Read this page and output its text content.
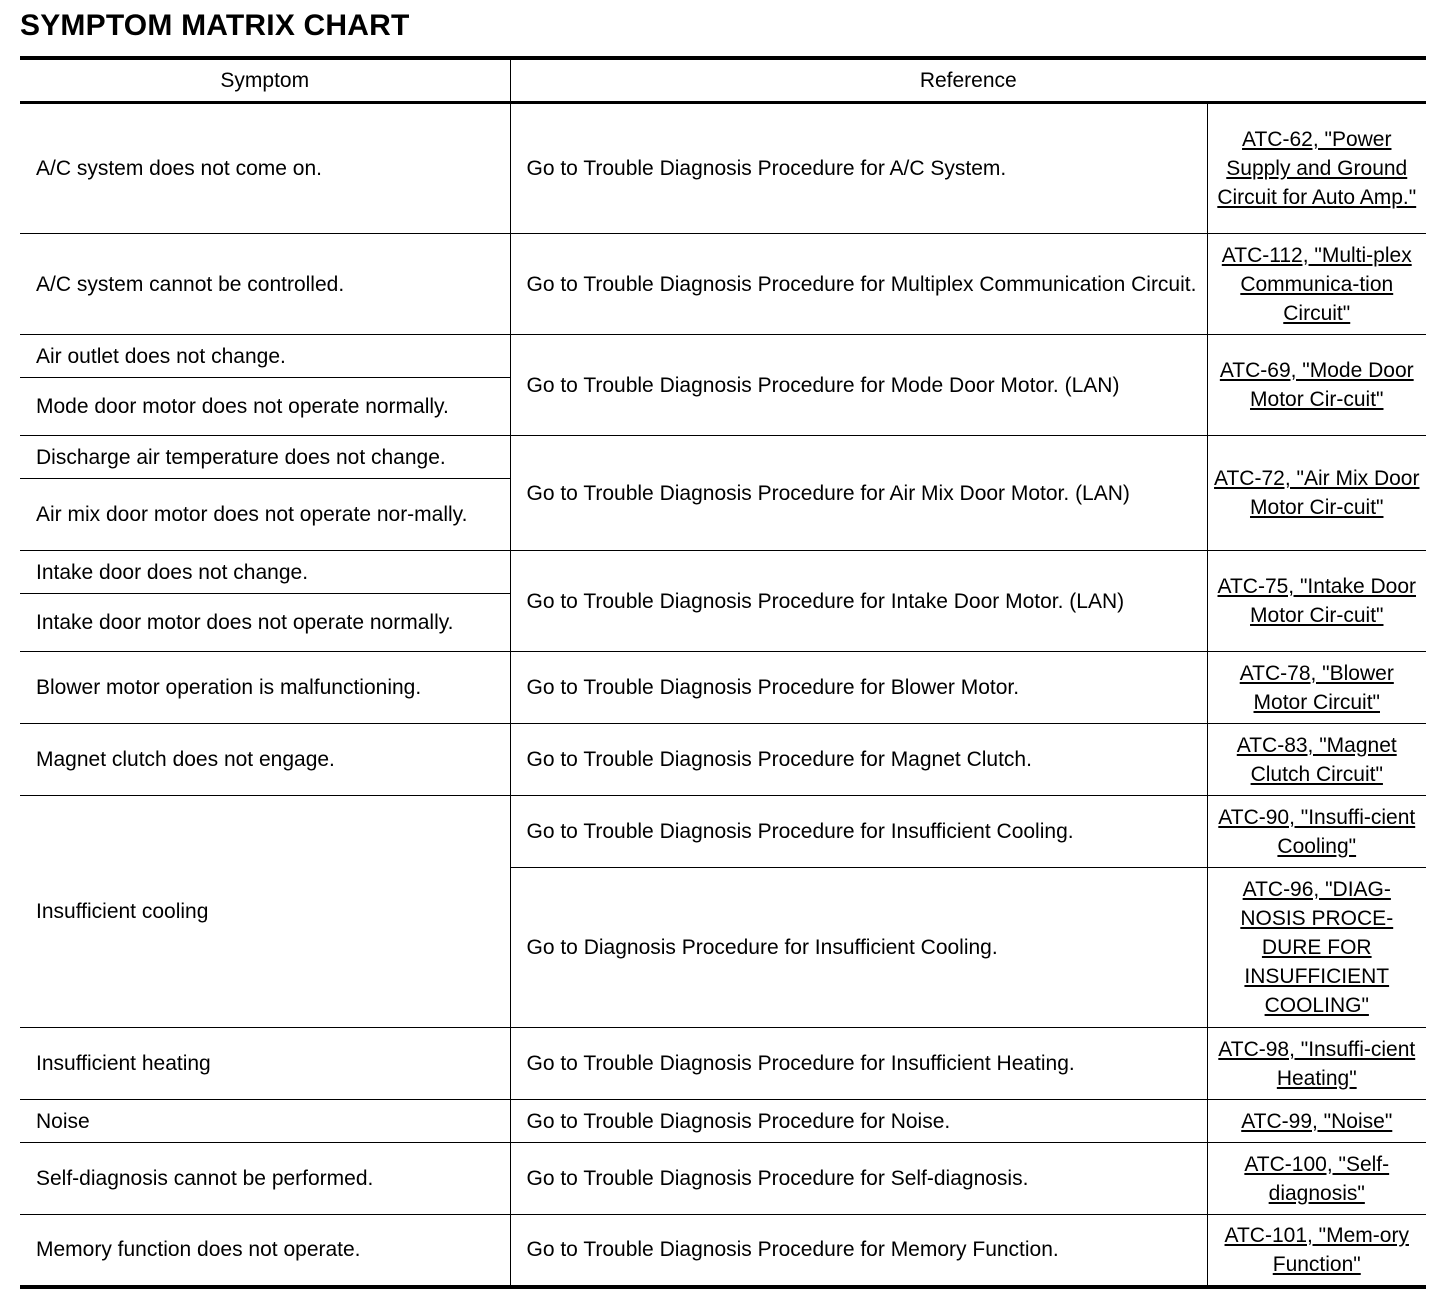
SYMPTOM MATRIX CHART
Symptom	Reference	
A/C system does not come on.	Go to Trouble Diagnosis Procedure for A/C System.	ATC-62, "Power Supply and Ground Circuit for Auto Amp."
A/C system cannot be controlled.	Go to Trouble Diagnosis Procedure for Multiplex Communication Circuit.	ATC-112, "Multi-plex Communica-tion Circuit"
Air outlet does not change.	Go to Trouble Diagnosis Procedure for Mode Door Motor. (LAN)	ATC-69, "Mode Door Motor Cir-cuit"
Mode door motor does not operate normally.		
Discharge air temperature does not change.	Go to Trouble Diagnosis Procedure for Air Mix Door Motor. (LAN)	ATC-72, "Air Mix Door Motor Cir-cuit"
Air mix door motor does not operate nor-mally.		
Intake door does not change.	Go to Trouble Diagnosis Procedure for Intake Door Motor. (LAN)	ATC-75, "Intake Door Motor Cir-cuit"
Intake door motor does not operate normally.		
Blower motor operation is malfunctioning.	Go to Trouble Diagnosis Procedure for Blower Motor.	ATC-78, "Blower Motor Circuit"
Magnet clutch does not engage.	Go to Trouble Diagnosis Procedure for Magnet Clutch.	ATC-83, "Magnet Clutch Circuit"
Insufficient cooling	Go to Trouble Diagnosis Procedure for Insufficient Cooling.	ATC-90, "Insuffi-cient Cooling"
	Go to Diagnosis Procedure for Insufficient Cooling.	ATC-96, "DIAG-NOSIS PROCE-DURE FOR INSUFFICIENT COOLING"
Insufficient heating	Go to Trouble Diagnosis Procedure for Insufficient Heating.	ATC-98, "Insuffi-cient Heating"
Noise	Go to Trouble Diagnosis Procedure for Noise.	ATC-99, "Noise"
Self-diagnosis cannot be performed.	Go to Trouble Diagnosis Procedure for Self-diagnosis.	ATC-100, "Self-diagnosis"
Memory function does not operate.	Go to Trouble Diagnosis Procedure for Memory Function.	ATC-101, "Mem-ory Function"
